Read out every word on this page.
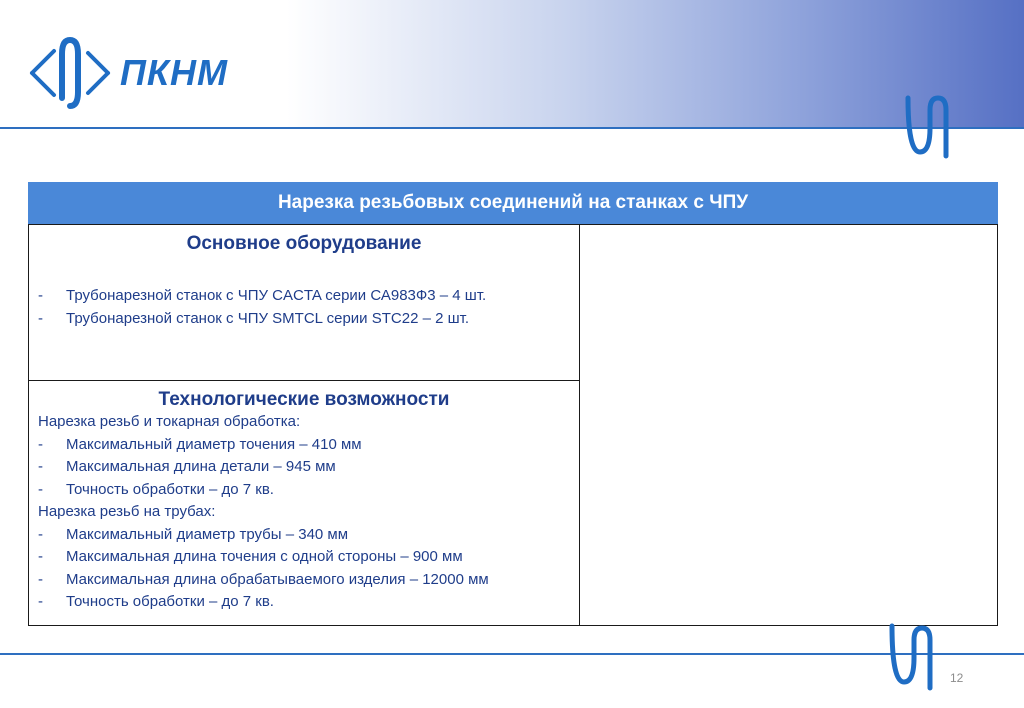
ПКНМ
Нарезка резьбовых соединений на станках с ЧПУ
Основное оборудование
- Трубонарезной станок с ЧПУ CACTA серии СА983Ф3 – 4 шт.
- Трубонарезной станок с ЧПУ SMTCL серии STC22 – 2 шт.
Технологические возможности
Нарезка резьб и токарная обработка:
- Максимальный диаметр точения – 410 мм
- Максимальная длина детали – 945 мм
- Точность обработки – до 7 кв.
Нарезка резьб на трубах:
- Максимальный диаметр трубы – 340 мм
- Максимальная длина точения с одной стороны – 900 мм
- Максимальная длина обрабатываемого изделия – 12000 мм
- Точность обработки – до 7 кв.
12
